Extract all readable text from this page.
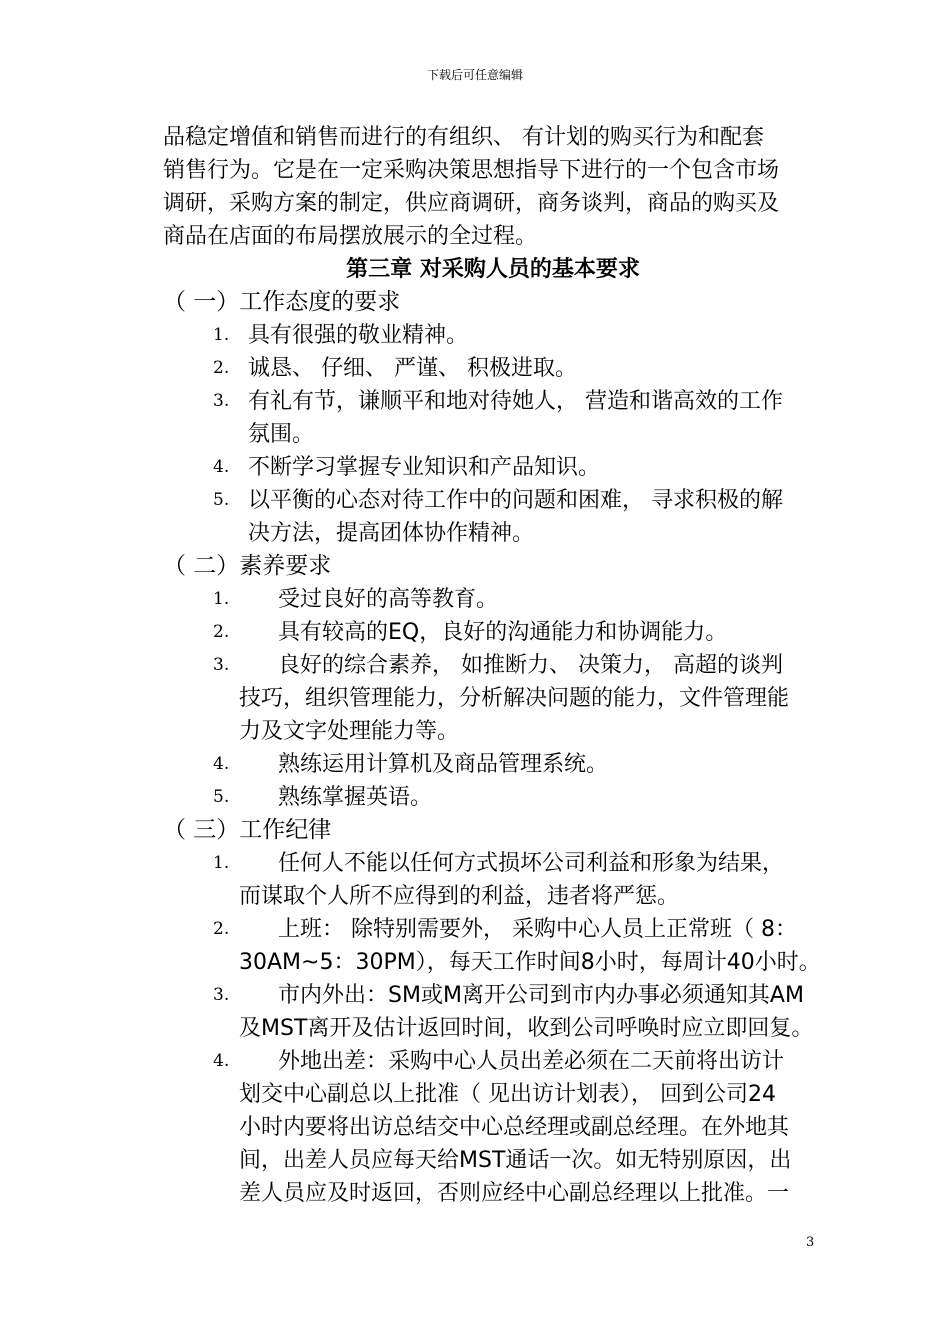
下载后可任意编辑
品稳定增值和销售而进行的有组织、 有计划的购买行为和配套
销售行为。它是在一定采购决策思想指导下进行的一个包含市场
调研，采购方案的制定，供应商调研，商务谈判，商品的购买及
商品在店面的布局摆放展示的全过程。
第三章 对采购人员的基本要求
（ 一）工作态度的要求
1. 具有很强的敬业精神。
2. 诚恳、 仔细、 严谨、 积极进取。
3. 有礼有节，谦顺平和地对待她人， 营造和谐高效的工作
氛围。
4. 不断学习掌握专业知识和产品知识。
5. 以平衡的心态对待工作中的问题和困难， 寻求积极的解
决方法，提高团体协作精神。
（ 二）素养要求
1.	受过良好的高等教育。
2.	具有较高的EQ，良好的沟通能力和协调能力。
3.	良好的综合素养， 如推断力、 决策力， 高超的谈判
技巧，组织管理能力，分析解决问题的能力，文件管理能
力及文字处理能力等。
4.	熟练运用计算机及商品管理系统。
5.	熟练掌握英语。
（ 三）工作纪律
1.	任何人不能以任何方式损坏公司利益和形象为结果，
而谋取个人所不应得到的利益，违者将严惩。
2.	上班： 除特别需要外， 采购中心人员上正常班（ 8：
30AM~5：30PM），每天工作时间8小时，每周计40小时。
3.	市内外出：SM或M离开公司到市内办事必须通知其AM
及MST离开及估计返回时间，收到公司呼唤时应立即回复。
4.	外地出差：采购中心人员出差必须在二天前将出访计
划交中心副总以上批准（ 见出访计划表）， 回到公司24
小时内要将出访总结交中心总经理或副总经理。在外地其
间，出差人员应每天给MST通话一次。如无特别原因，出
差人员应及时返回，否则应经中心副总经理以上批准。一
3
